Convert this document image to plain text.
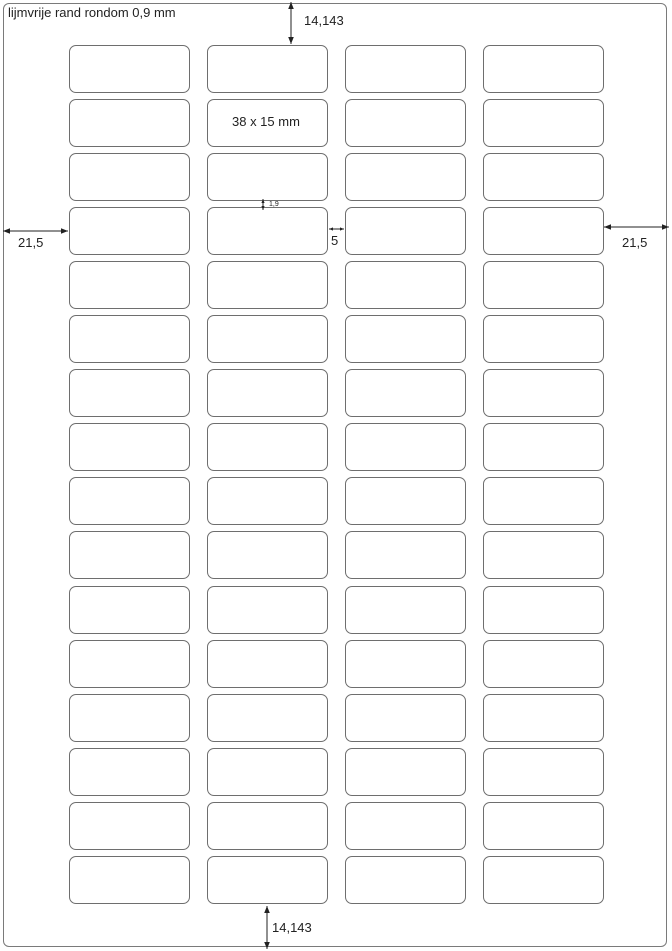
lijmvrije rand rondom 0,9 mm
38 x 15 mm
14,143
14,143
21,5	21,5
5
1,9
